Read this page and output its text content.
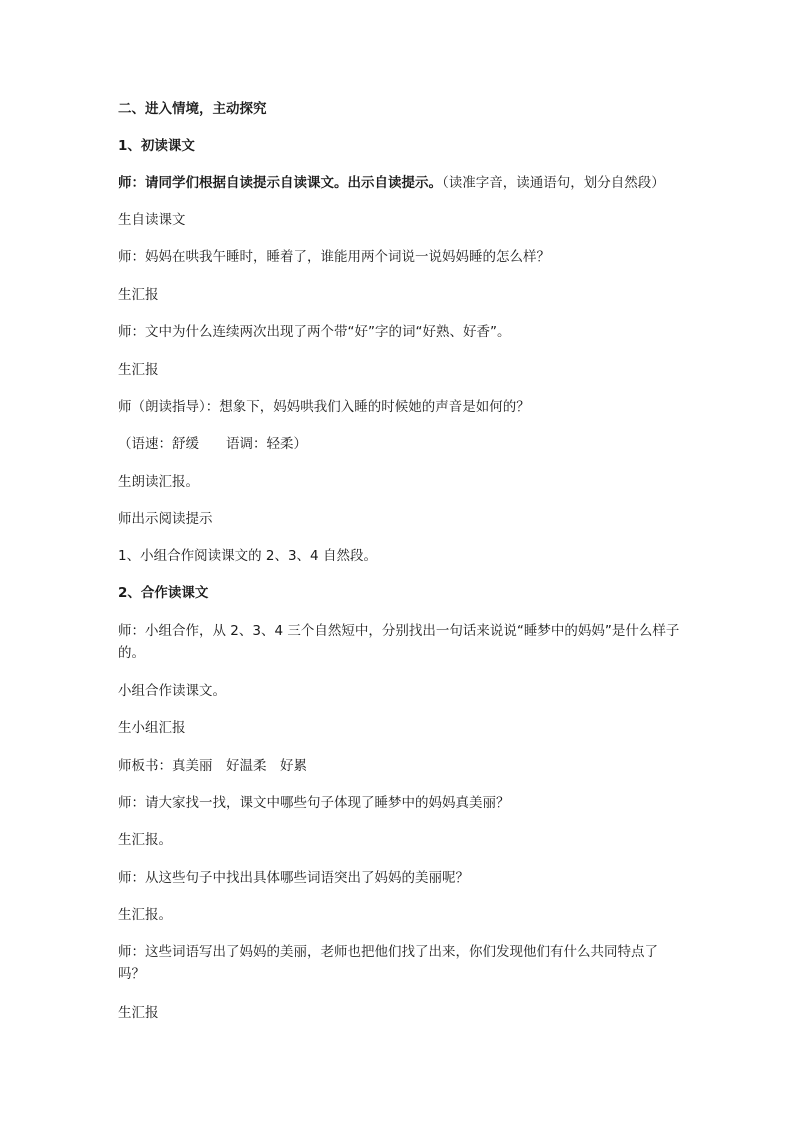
二、进入情境，主动探究
1、初读课文
师：请同学们根据自读提示自读课文。出示自读提示。（读准字音，读通语句，划分自然段）
生自读课文
师：妈妈在哄我午睡时，睡着了，谁能用两个词说一说妈妈睡的怎么样？
生汇报
师：文中为什么连续两次出现了两个带“好”字的词“好熟、好香”。
生汇报
师（朗读指导）：想象下，妈妈哄我们入睡的时候她的声音是如何的？
（语速：舒缓　　语调：轻柔）
生朗读汇报。
师出示阅读提示
1、小组合作阅读课文的 2、3、4 自然段。
2、合作读课文
师：小组合作，从 2、3、4 三个自然短中，分别找出一句话来说说“睡梦中的妈妈”是什么样子的。
小组合作读课文。
生小组汇报
师板书：真美丽　好温柔　好累
师：请大家找一找，课文中哪些句子体现了睡梦中的妈妈真美丽？
生汇报。
师：从这些句子中找出具体哪些词语突出了妈妈的美丽呢？
生汇报。
师：这些词语写出了妈妈的美丽，老师也把他们找了出来，你们发现他们有什么共同特点了吗？
生汇报
